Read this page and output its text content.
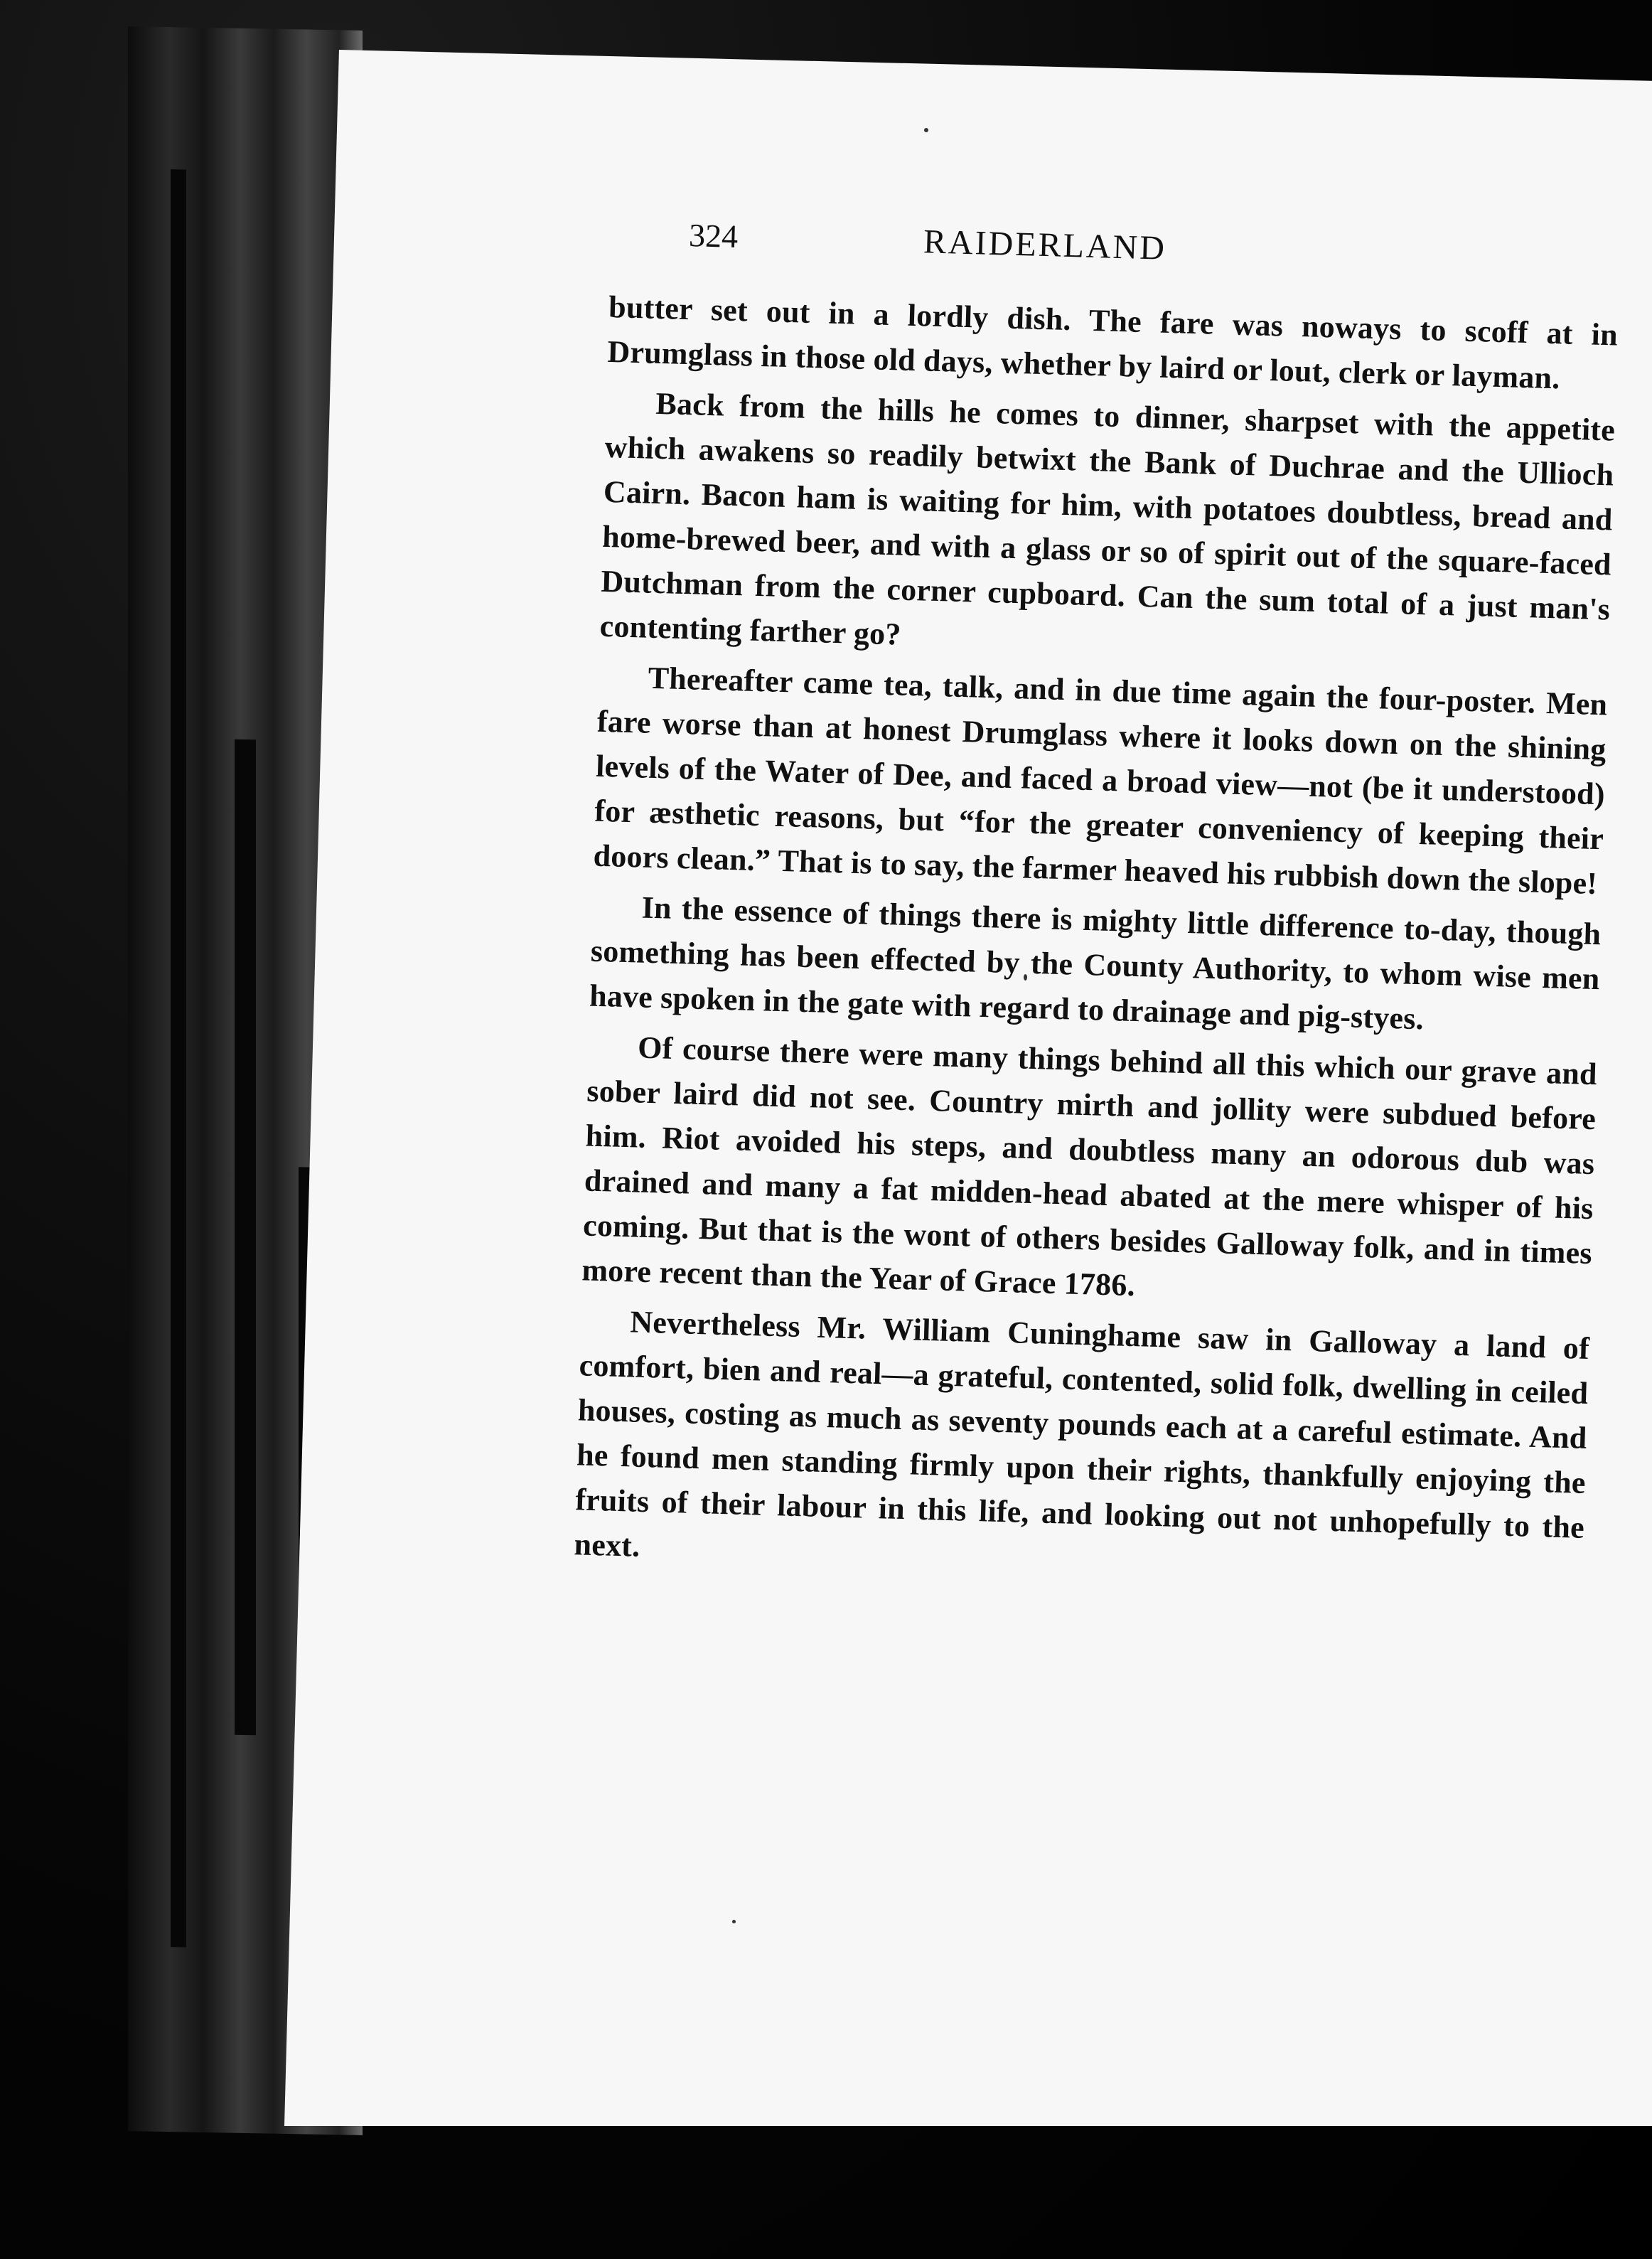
324	RAIDERLAND

butter set out in a lordly dish. The fare was noways to scoff at in Drumglass in those old days, whether by laird or lout, clerk or layman.

Back from the hills he comes to dinner, sharpset with the appetite which awakens so readily betwixt the Bank of Duchrae and the Ullioch Cairn. Bacon ham is waiting for him, with potatoes doubtless, bread and home-brewed beer, and with a glass or so of spirit out of the square-faced Dutchman from the corner cupboard. Can the sum total of a just man's contenting farther go?

Thereafter came tea, talk, and in due time again the four-poster. Men fare worse than at honest Drumglass where it looks down on the shining levels of the Water of Dee, and faced a broad view—not (be it understood) for æsthetic reasons, but “for the greater conveniency of keeping their doors clean.” That is to say, the farmer heaved his rubbish down the slope!

In the essence of things there is mighty little difference to-day, though something has been effected by the County Authority, to whom wise men have spoken in the gate with regard to drainage and pig-styes.

Of course there were many things behind all this which our grave and sober laird did not see. Country mirth and jollity were subdued before him. Riot avoided his steps, and doubtless many an odorous dub was drained and many a fat midden-head abated at the mere whisper of his coming. But that is the wont of others besides Galloway folk, and in times more recent than the Year of Grace 1786.

Nevertheless Mr. William Cuninghame saw in Galloway a land of comfort, bien and real—a grateful, contented, solid folk, dwelling in ceiled houses, costing as much as seventy pounds each at a careful estimate. And he found men standing firmly upon their rights, thankfully enjoying the fruits of their labour in this life, and looking out not unhopefully to the next.
